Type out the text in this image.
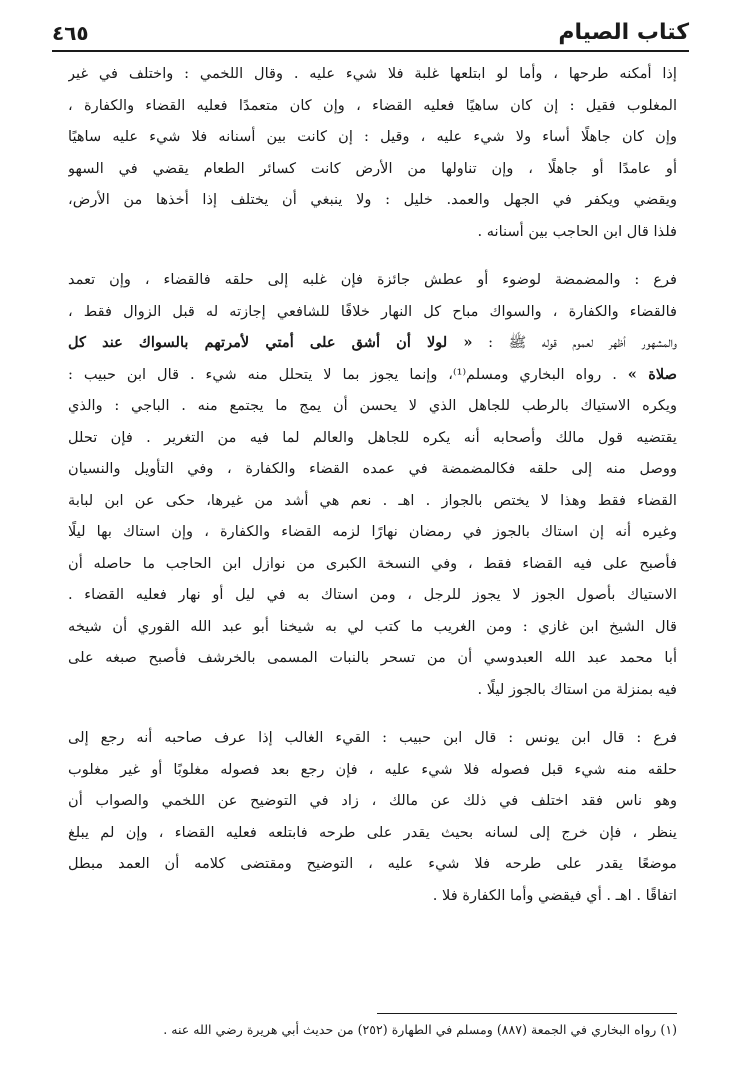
كتاب الصيام
٤٦٥
إذا أمكنه طرحها ، وأما لو ابتلعها غلبة فلا شيء عليه . وقال اللخمي : واختلف في غير
المغلوب فقيل : إن كان ساهيًا فعليه القضاء ، وإن كان متعمدًا فعليه القضاء والكفارة ،
وإن كان جاهلًا أساء ولا شيء عليه ، وقيل : إن كانت بين أسنانه فلا شيء عليه ساهيًا
أو عامدًا أو جاهلًا ، وإن تناولها من الأرض كانت كسائر الطعام يقضي في السهو
ويقضي ويكفر في الجهل والعمد. خليل : ولا ينبغي أن يختلف إذا أخذها من الأرض،
فلذا قال ابن الحاجب بين أسنانه .
فرع : والمضمضة لوضوء أو عطش جائزة فإن غلبه إلى حلقه فالقضاء ، وإن تعمد
فالقضاء والكفارة ، والسواك مباح كل النهار خلافًا للشافعي إجازته له قبل الزوال فقط ،
والمشهور أظهر لعموم قوله ﷺ : « لولا أن أشق على أمتي لأمرتهم بالسواك عند كل
صلاة » . رواه البخاري ومسلم⁽¹⁾، وإنما يجوز بما لا يتحلل منه شيء . قال ابن حبيب :
ويكره الاستياك بالرطب للجاهل الذي لا يحسن أن يمج ما يجتمع منه . الباجي : والذي
يقتضيه قول مالك وأصحابه أنه يكره للجاهل والعالم لما فيه من التغرير . فإن تحلل
ووصل منه إلى حلقه فكالمضمضة في عمده القضاء والكفارة ، وفي التأويل والنسيان
القضاء فقط وهذا لا يختص بالجواز . اهـ . نعم هي أشد من غيرها، حكى عن ابن لبابة
وغيره أنه إن استاك بالجوز في رمضان نهارًا لزمه القضاء والكفارة ، وإن استاك بها ليلًا
فأصبح على فيه القضاء فقط ، وفي النسخة الكبرى من نوازل ابن الحاجب ما حاصله أن
الاستياك بأصول الجوز لا يجوز للرجل ، ومن استاك به في ليل أو نهار فعليه القضاء .
قال الشيخ ابن غازي : ومن الغريب ما كتب لي به شيخنا أبو عبد الله القوري أن شيخه
أبا محمد عبد الله العبدوسي أن من تسحر بالنبات المسمى بالخرشف فأصبح صبغه على
فيه بمنزلة من استاك بالجوز ليلًا .
فرع : قال ابن يونس : قال ابن حبيب : القيء الغالب إذا عرف صاحبه أنه رجع إلى
حلقه منه شيء قبل فصوله فلا شيء عليه ، فإن رجع بعد فصوله مغلوبًا أو غير مغلوب
وهو ناس فقد اختلف في ذلك عن مالك ، زاد في التوضيح عن اللخمي والصواب أن
ينظر ، فإن خرج إلى لسانه بحيث يقدر على طرحه فابتلعه فعليه القضاء ، وإن لم يبلغ
موضعًا يقدر على طرحه فلا شيء عليه ، التوضيح ومقتضى كلامه أن العمد مبطل
اتفاقًا . اهـ . أي فيقضي وأما الكفارة فلا .
(١) رواه البخاري في الجمعة (٨٨٧) ومسلم في الطهارة (٢٥٢) من حديث أبي هريرة رضي الله عنه .
